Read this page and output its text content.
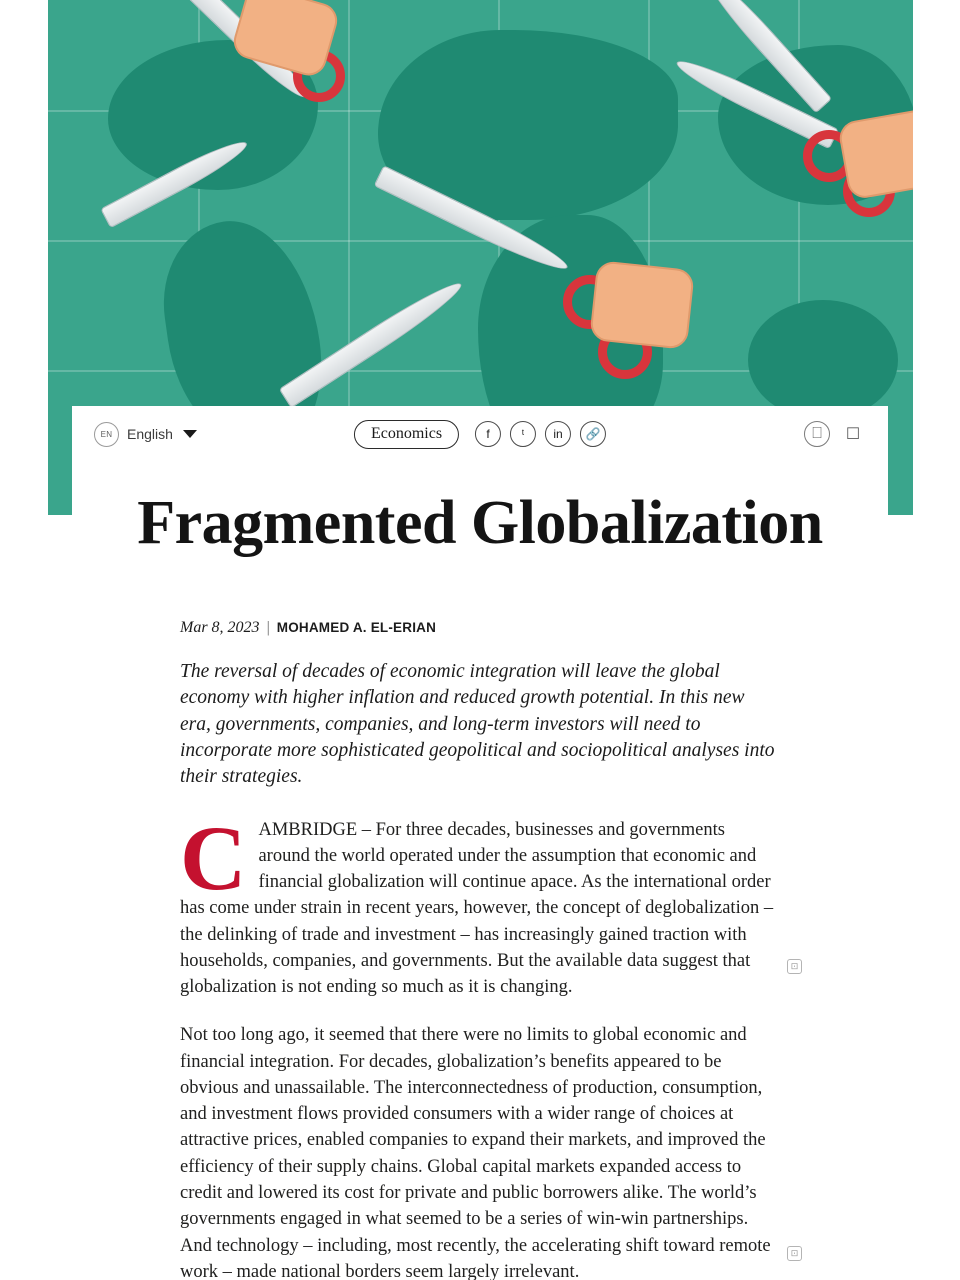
EN	English	Economics	f	ᵗ	in	🔗	⎕	☐
Fragmented Globalization
Mar 8, 2023 | MOHAMED A. EL-ERIAN
The reversal of decades of economic integration will leave the global economy with higher inflation and reduced growth potential. In this new era, governments, companies, and long-term investors will need to incorporate more sophisticated geopolitical and sociopolitical analyses into their strategies.

CAMBRIDGE – For three decades, businesses and governments around the world operated under the assumption that economic and financial globalization will continue apace. As the international order has come under strain in recent years, however, the concept of deglobalization – the delinking of trade and investment – has increasingly gained traction with households, companies, and governments. But the available data suggest that globalization is not ending so much as it is changing.
⊡

Not too long ago, it seemed that there were no limits to global economic and financial integration. For decades, globalization’s benefits appeared to be obvious and unassailable. The interconnectedness of production, consumption, and investment flows provided consumers with a wider range of choices at attractive prices, enabled companies to expand their markets, and improved the efficiency of their supply chains. Global capital markets expanded access to credit and lowered its cost for private and public borrowers alike. The world’s governments engaged in what seemed to be a series of win-win partnerships. And technology – including, most recently, the accelerating shift toward remote work – made national borders seem largely irrelevant.
⊡
